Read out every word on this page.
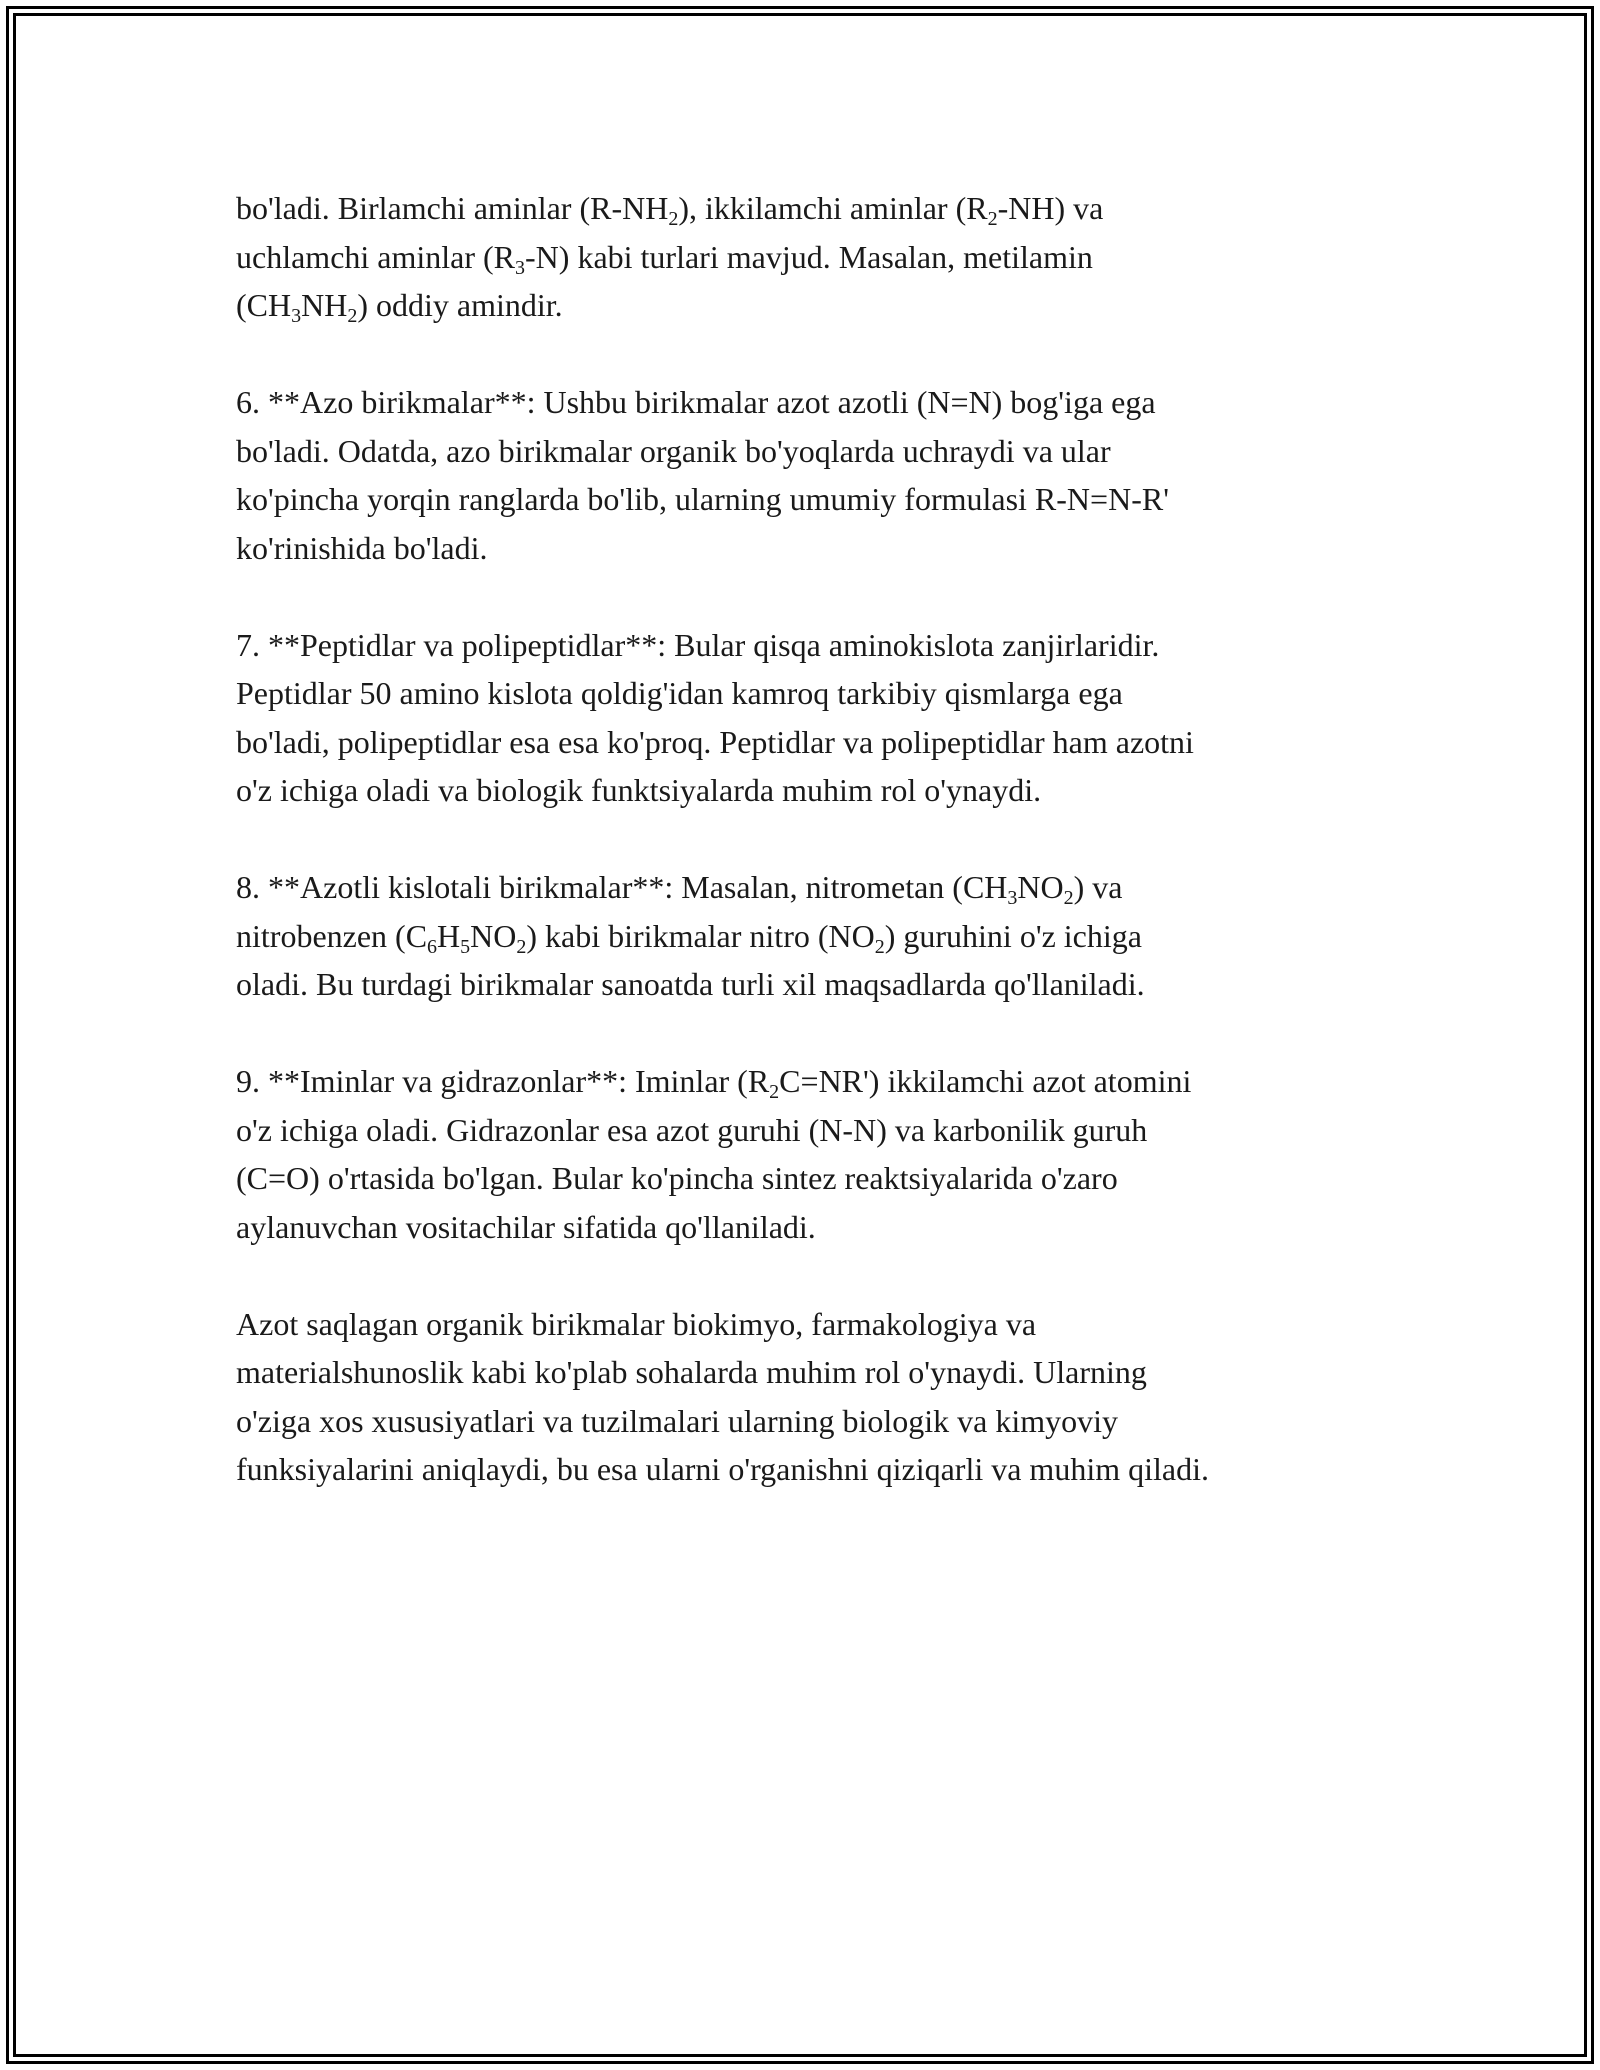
bo'ladi. Birlamchi aminlar $(R-NH_2)$, ikkilamchi aminlar $(R_2-NH)$ va
uchlamchi aminlar $(R_3-N)$ kabi turlari mavjud. Masalan, metilamin
$(CH_3NH_2)$ oddiy amindir.

6. **Azo birikmalar**: Ushbu birikmalar azot azotli (N=N) bog'iga ega
bo'ladi. Odatda, azo birikmalar organik bo'yoqlarda uchraydi va ular
ko'pincha yorqin ranglarda bo'lib, ularning umumiy formulasi R-N=N-R'
ko'rinishida bo'ladi.

7. **Peptidlar va polipeptidlar**: Bular qisqa aminokislota zanjirlaridir.
Peptidlar 50 amino kislota qoldig'idan kamroq tarkibiy qismlarga ega
bo'ladi, polipeptidlar esa esa ko'proq. Peptidlar va polipeptidlar ham azotni
o'z ichiga oladi va biologik funktsiyalarda muhim rol o'ynaydi.

8. **Azotli kislotali birikmalar**: Masalan, nitrometan $(CH_3NO_2)$ va
nitrobenzen $(C_6H_5NO_2)$ kabi birikmalar nitro $(NO_2)$ guruhini o'z ichiga
oladi. Bu turdagi birikmalar sanoatda turli xil maqsadlarda qo'llaniladi.

9. **Iminlar va gidrazonlar**: Iminlar $(R_2C=NR')$ ikkilamchi azot atomini
o'z ichiga oladi. Gidrazonlar esa azot guruhi (N-N) va karbonilik guruh
(C=O) o'rtasida bo'lgan. Bular ko'pincha sintez reaktsiyalarida o'zaro
aylanuvchan vositachilar sifatida qo'llaniladi.

Azot saqlagan organik birikmalar biokimyo, farmakologiya va
materialshunoslik kabi ko'plab sohalarda muhim rol o'ynaydi. Ularning
o'ziga xos xususiyatlari va tuzilmalari ularning biologik va kimyoviy
funksiyalarini aniqlaydi, bu esa ularni o'rganishni qiziqarli va muhim qiladi.
